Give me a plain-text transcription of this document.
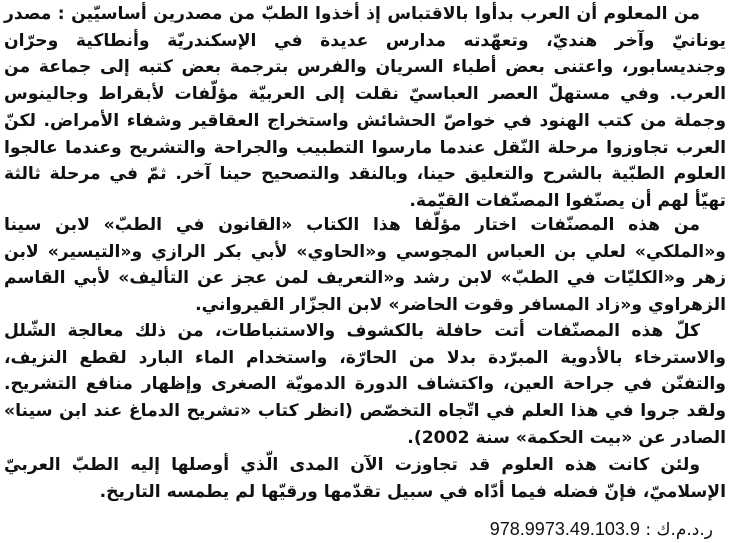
من المعلوم أن العرب بدأوا بالاقتباس إذ أخذوا الطبّ من مصدرين أساسيّين : مصدر يونانيّ وآخر هنديّ، وتعهّدته مدارس عديدة في الإسكندريّة وأنطاكية وحرّان وجنديسابور، واعتنى بعض أطباء السريان والفرس بترجمة بعض كتبه إلى جماعة من العرب. وفي مستهلّ العصر العباسيّ نقلت إلى العربيّة مؤلّفات لأبقراط وجالينوس وجملة من كتب الهنود في خواصّ الحشائش واستخراج العقاقير وشفاء الأمراض. لكنّ العرب تجاوزوا مرحلة النّقل عندما مارسوا التطبيب والجراحة والتشريح وعندما عالجوا العلوم الطبّية بالشرح والتعليق حينا، وبالنقد والتصحيح حينا آخر. ثمّ في مرحلة ثالثة تهيّأ لهم أن يصنّفوا المصنّفات القيّمة.

من هذه المصنّفات اختار مؤلّفا هذا الكتاب «القانون في الطبّ» لابن سينا و«الملكي» لعلي بن العباس المجوسي و«الحاوي» لأبي بكر الرازي و«التيسير» لابن زهر و«الكليّات في الطبّ» لابن رشد و«التعريف لمن عجز عن التأليف» لأبي القاسم الزهراوي و«زاد المسافر وقوت الحاضر» لابن الجزّار القيرواني.

كلّ هذه المصنّفات أتت حافلة بالكشوف والاستنباطات، من ذلك معالجة الشّلل والاسترخاء بالأدوية المبرّدة بدلا من الحارّة، واستخدام الماء البارد لقطع النزيف، والتفنّن في جراحة العين، واكتشاف الدورة الدمويّة الصغرى وإظهار منافع التشريح. ولقد جروا في هذا العلم في اتّجاه التخصّص (انظر كتاب «تشريح الدماغ عند ابن سينا» الصادر عن «بيت الحكمة» سنة 2002).

ولئن كانت هذه العلوم قد تجاوزت الآن المدى الّذي أوصلها إليه الطبّ العربيّ الإسلاميّ، فإنّ فضله فيما أدّاه في سبيل تقدّمها ورقيّها لم يطمسه التاريخ.

ر.د.م.ك : 978.9973.49.103.9
